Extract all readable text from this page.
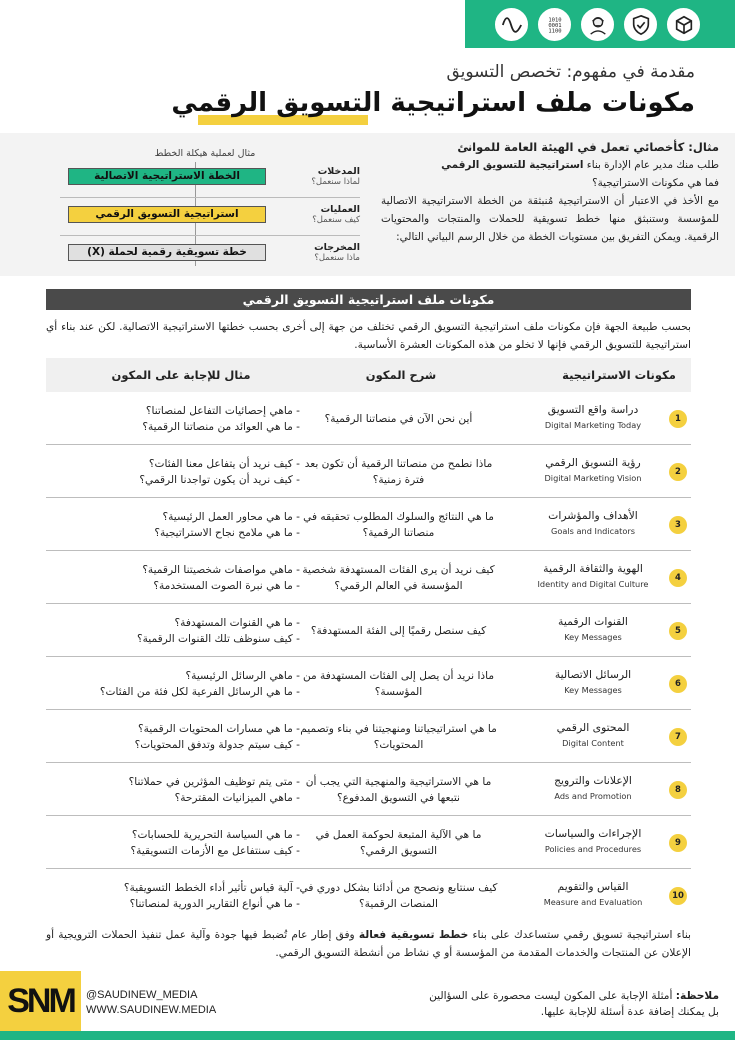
1010
0001
1100
مقدمة في مفهوم: تخصص التسويق
مكونات ملف استراتيجية التسويق الرقمي
مثال: كأخصائي تعمل في الهيئة العامة للموانئ
طلب منك مدير عام الإدارة بناء استراتيجية للتسويق الرقمي
فما هي مكونات الاستراتيجية؟
مع الأخذ في الاعتبار أن الاستراتيجية مُنبثقة من الخطة الاستراتيجية الاتصالية للمؤسسة وستنبثق منها خطط تسويقية للحملات والمنتجات والمحتويات الرقمية. ويمكن التفريق بين مستويات الخطة من خلال الرسم البياني التالي:
مثال لعملية هيكلة الخطط
المدخلات
لماذا سنعمل؟
الخطة الاستراتيجية الاتصالية
العمليات
كيف سنعمل؟
استراتيجية التسويق الرقمي
المخرجات
ماذا سنعمل؟
خطة تسويقية رقمية لحملة (X)
مكونات ملف استراتيجية التسويق الرقمي
بحسب طبيعة الجهة فإن مكونات ملف استراتيجية التسويق الرقمي تختلف من جهة إلى أخرى بحسب خطتها الاستراتيجية الاتصالية. لكن عند بناء أي استراتيجية للتسويق الرقمي فإنها لا تخلو من هذه المكونات العشرة الأساسية.
مكونات الاستراتيجية
شرح المكون
مثال للإجابة على المكون
1
دراسة واقع التسويق
Digital Marketing Today
أين نحن الآن في منصاتنا الرقمية؟
- ماهي إحصائيات التفاعل لمنصاتنا؟
- ما هي العوائد من منصاتنا الرقمية؟
2
رؤية التسويق الرقمي
Digital Marketing Vision
ماذا نطمح من منصاتنا الرقمية أن تكون بعد فترة زمنية؟
- كيف نريد أن يتفاعل معنا الفئات؟
- كيف نريد أن يكون تواجدنا الرقمي؟
3
الأهداف والمؤشرات
Goals and Indicators
ما هي النتائج والسلوك المطلوب تحقيقه في منصاتنا الرقمية؟
- ما هي محاور العمل الرئيسية؟
- ما هي ملامح نجاح الاستراتيجية؟
4
الهوية والثقافة الرقمية
Identity and Digital Culture
كيف نريد أن يرى الفئات المستهدفة شخصية المؤسسة في العالم الرقمي؟
- ماهي مواصفات شخصيتنا الرقمية؟
- ما هي نبرة الصوت المستخدمة؟
5
القنوات الرقمية
Key Messages
كيف سنصل رقميًا إلى الفئة المستهدفة؟
- ما هي القنوات المستهدفة؟
- كيف سنوظف تلك القنوات الرقمية؟
6
الرسائل الاتصالية
Key Messages
ماذا نريد أن يصل إلى الفئات المستهدفة من المؤسسة؟
- ماهي الرسائل الرئيسية؟
- ما هي الرسائل الفرعية لكل فئة من الفئات؟
7
المحتوى الرقمي
Digital Content
ما هي استراتيجياتنا ومنهجيتنا في بناء وتصميم المحتويات؟
- ما هي مسارات المحتويات الرقمية؟
- كيف سيتم جدولة وتدفق المحتويات؟
8
الإعلانات والترويج
Ads and Promotion
ما هي الاستراتيجية والمنهجية التي يجب أن نتبعها في التسويق المدفوع؟
- متى يتم توظيف المؤثرين في حملاتنا؟
- ماهي الميزانيات المقترحة؟
9
الإجراءات والسياسات
Policies and Procedures
ما هي الآلية المتبعة لحوكمة العمل في التسويق الرقمي؟
- ما هي السياسة التحريرية للحسابات؟
- كيف سنتفاعل مع الأزمات التسويقية؟
10
القياس والتقويم
Measure and Evaluation
كيف سنتابع ونصحح من أدائنا بشكل دوري في المنصات الرقمية؟
- آلية قياس تأثير أداء الخطط التسويقية؟
- ما هي أنواع التقارير الدورية لمنصاتنا؟
بناء استراتيجية تسويق رقمي ستساعدك على بناء خطط تسويقية فعالة وفق إطار عام تُضبط فيها جودة وآلية عمل تنفيذ الحملات الترويجية أو الإعلان عن المنتجات والخدمات المقدمة من المؤسسة أو ي نشاط من أنشطة التسويق الرقمي.
SNM	@SAUDINEW_MEDIA
WWW.SAUDINEW.MEDIA
ملاحظة: أمثلة الإجابة على المكون ليست محصورة على السؤالين
بل يمكنك إضافة عدة أسئلة للإجابة عليها.
